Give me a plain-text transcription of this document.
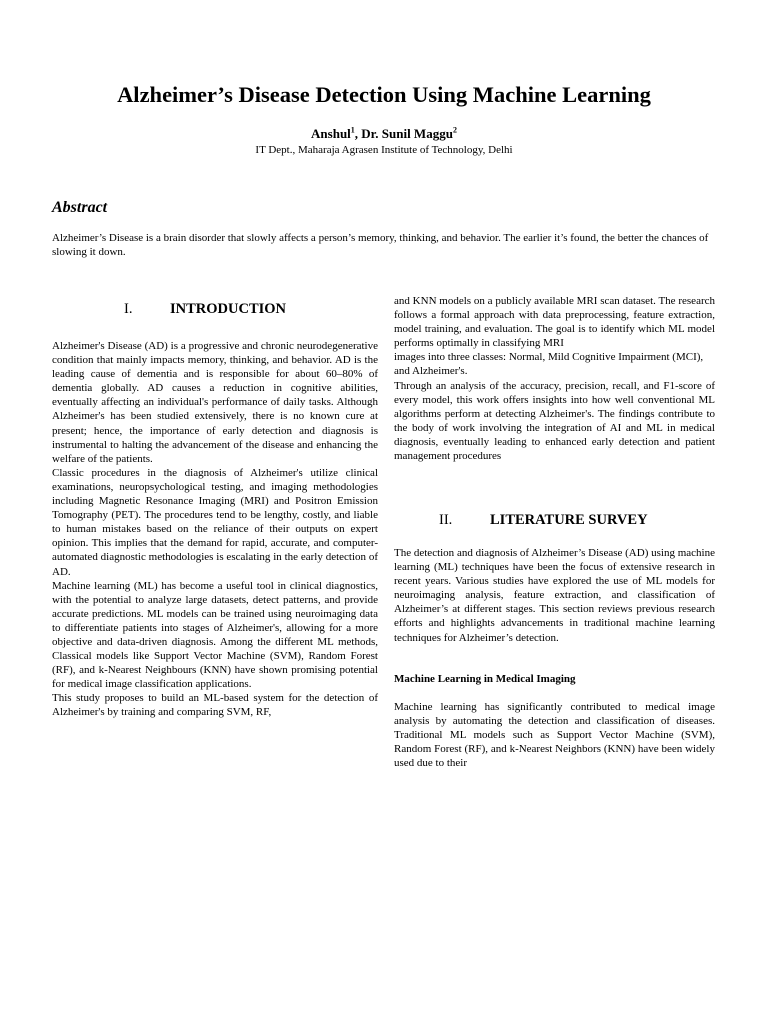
Alzheimer’s Disease Detection Using Machine Learning
Anshul$^1$, Dr. Sunil Maggu$^2$
IT Dept., Maharaja Agrasen Institute of Technology, Delhi
Abstract

Alzheimer’s Disease is a brain disorder that slowly affects a person’s memory, thinking, and behavior. The earlier it’s found, the better the chances of slowing it down.

I.	INTRODUCTION

Alzheimer's Disease (AD) is a progressive and chronic neurodegenerative condition that mainly impacts memory, thinking, and behavior. AD is the leading cause of dementia and is responsible for about 60–80% of dementia globally. AD causes a reduction in cognitive abilities, eventually affecting an individual's performance of daily tasks. Although Alzheimer's has been studied extensively, there is no known cure at present; hence, the importance of early detection and diagnosis is instrumental to halting the advancement of the disease and enhancing the welfare of the patients.

Classic procedures in the diagnosis of Alzheimer's utilize clinical examinations, neuropsychological testing, and imaging methodologies including Magnetic Resonance Imaging (MRI) and Positron Emission Tomography (PET). The procedures tend to be lengthy, costly, and liable to human mistakes based on the reliance of their outputs on expert opinion. This implies that the demand for rapid, accurate, and computer-automated diagnostic methodologies is escalating in the early detection of AD.

Machine learning (ML) has become a useful tool in clinical diagnostics, with the potential to analyze large datasets, detect patterns, and provide accurate predictions. ML models can be trained using neuroimaging data to differentiate patients into stages of Alzheimer's, allowing for a more objective and data-driven diagnosis. Among the different ML methods, Classical models like Support Vector Machine (SVM), Random Forest (RF), and k-Nearest Neighbours (KNN) have shown promising potential for medical image classification applications.

This study proposes to build an ML-based system for the detection of Alzheimer's by training and comparing SVM, RF,

and KNN models on a publicly available MRI scan dataset. The research follows a formal approach with data preprocessing, feature extraction, model training, and evaluation. The goal is to identify which ML model performs optimally in classifying MRI

images into three classes: Normal, Mild Cognitive Impairment (MCI), and Alzheimer's.

Through an analysis of the accuracy, precision, recall, and F1-score of every model, this work offers insights into how well conventional ML algorithms perform at detecting Alzheimer's. The findings contribute to the body of work involving the integration of AI and ML in medical diagnosis, eventually leading to enhanced early detection and patient management procedures

II.	LITERATURE SURVEY

The detection and diagnosis of Alzheimer’s Disease (AD) using machine learning (ML) techniques have been the focus of extensive research in recent years. Various studies have explored the use of ML models for neuroimaging analysis, feature extraction, and classification of Alzheimer’s at different stages. This section reviews previous research efforts and highlights advancements in traditional machine learning techniques for Alzheimer’s detection.

Machine Learning in Medical Imaging

Machine learning has significantly contributed to medical image analysis by automating the detection and classification of diseases. Traditional ML models such as Support Vector Machine (SVM), Random Forest (RF), and k-Nearest Neighbors (KNN) have been widely used due to their
